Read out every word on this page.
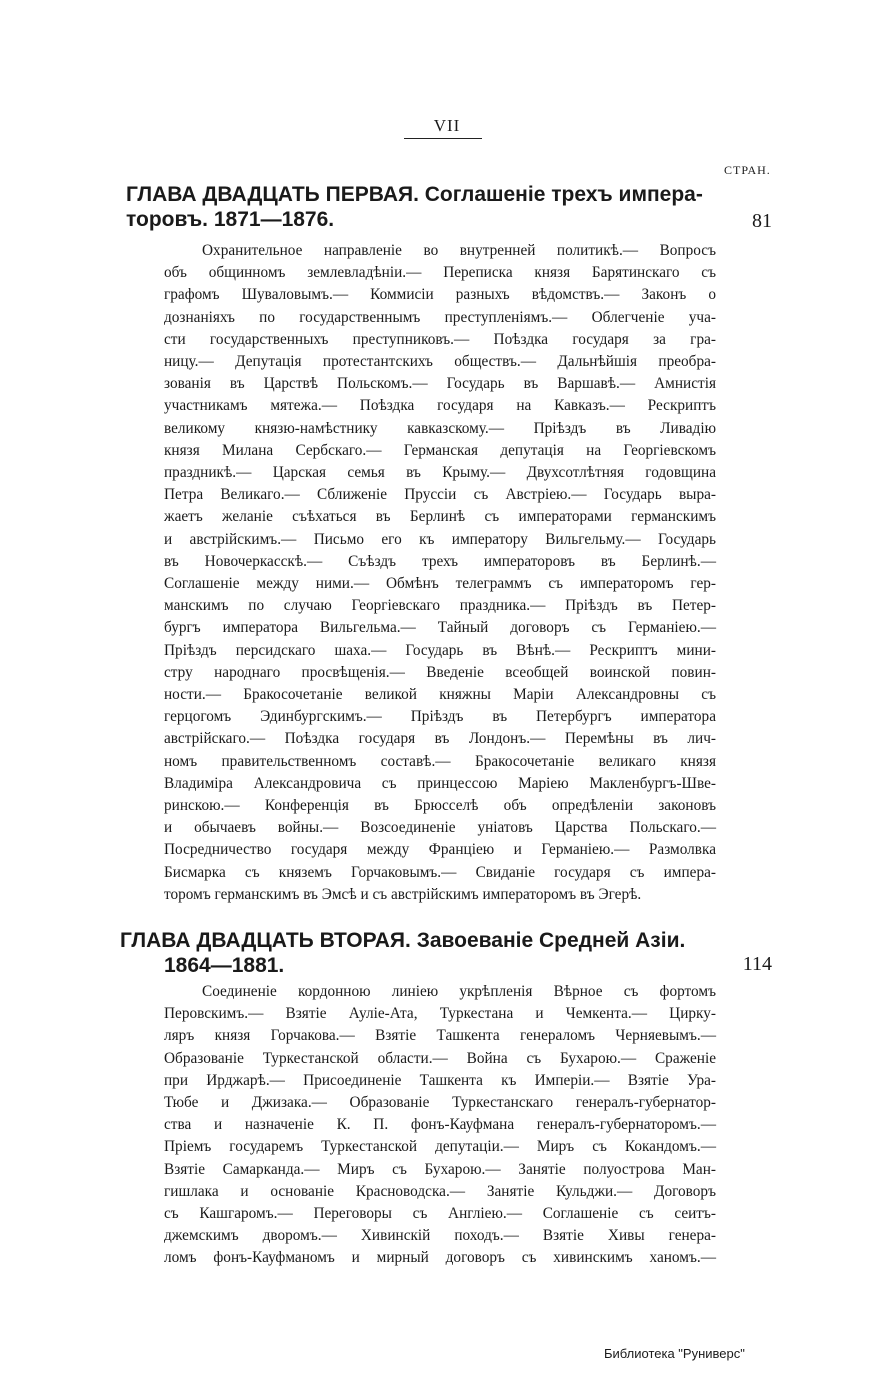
VII
СТРАН.
ГЛАВА ДВАДЦАТЬ ПЕРВАЯ. Соглашеніе трехъ импера-
торовъ. 1871—1876.	81
Охранительное направленіе во внутренней политикѣ.— Вопросъ
объ общинномъ землевладѣніи.— Переписка князя Барятинскаго съ
графомъ Шуваловымъ.— Коммисіи разныхъ вѣдомствъ.— Законъ о
дознаніяхъ по государственнымъ преступленіямъ.— Облегченіе уча-
сти государственныхъ преступниковъ.— Поѣздка государя за гра-
ницу.— Депутація протестантскихъ обществъ.— Дальнѣйшія преобра-
зованія въ Царствѣ Польскомъ.— Государь въ Варшавѣ.— Амнистія
участникамъ мятежа.— Поѣздка государя на Кавказъ.— Рескриптъ
великому князю-намѣстнику кавказскому.— Пріѣздъ въ Ливадію
князя Милана Сербскаго.— Германская депутація на Георгіевскомъ
праздникѣ.— Царская семья въ Крыму.— Двухсотлѣтняя годовщина
Петра Великаго.— Сближеніе Пруссіи съ Австріею.— Государь выра-
жаетъ желаніе съѣхаться въ Берлинѣ съ императорами германскимъ
и австрійскимъ.— Письмо его къ императору Вильгельму.— Государь
въ Новочеркасскѣ.— Съѣздъ трехъ императоровъ въ Берлинѣ.—
Соглашеніе между ними.— Обмѣнъ телеграммъ съ императоромъ гер-
манскимъ по случаю Георгіевскаго праздника.— Пріѣздъ въ Петер-
бургъ императора Вильгельма.— Тайный договоръ съ Германіею.—
Пріѣздъ персидскаго шаха.— Государь въ Вѣнѣ.— Рескриптъ мини-
стру народнаго просвѣщенія.— Введеніе всеобщей воинской повин-
ности.— Бракосочетаніе великой княжны Маріи Александровны съ
герцогомъ Эдинбургскимъ.— Пріѣздъ въ Петербургъ императора
австрійскаго.— Поѣздка государя въ Лондонъ.— Перемѣны въ лич-
номъ правительственномъ составѣ.— Бракосочетаніе великаго князя
Владиміра Александровича съ принцессою Маріею Макленбургъ-Шве-
ринскою.— Конференція въ Брюсселѣ объ опредѣленіи законовъ
и обычаевъ войны.— Возсоединеніе уніатовъ Царства Польскаго.—
Посредничество государя между Франціею и Германіею.— Размолвка
Бисмарка съ княземъ Горчаковымъ.— Свиданіе государя съ импера-
торомъ германскимъ въ Эмсѣ и съ австрійскимъ императоромъ въ Эгерѣ.
ГЛАВА ДВАДЦАТЬ ВТОРАЯ. Завоеваніе Средней Азіи.
1864—1881.	114
Соединеніе кордонною линіею укрѣпленія Вѣрное съ фортомъ
Перовскимъ.— Взятіе Ауліе-Ата, Туркестана и Чемкента.— Цирку-
ляръ князя Горчакова.— Взятіе Ташкента генераломъ Черняевымъ.—
Образованіе Туркестанской области.— Война съ Бухарою.— Сраженіе
при Ирджарѣ.— Присоединеніе Ташкента къ Имперіи.— Взятіе Ура-
Тюбе и Джизака.— Образованіе Туркестанскаго генералъ-губернатор-
ства и назначеніе К. П. фонъ-Кауфмана генералъ-губернаторомъ.—
Пріемъ государемъ Туркестанской депутаціи.— Миръ съ Кокандомъ.—
Взятіе Самарканда.— Миръ съ Бухарою.— Занятіе полуострова Ман-
гишлака и основаніе Красноводска.— Занятіе Кульджи.— Договоръ
съ Кашгаромъ.— Переговоры съ Англіею.— Соглашеніе съ сеитъ-
джемскимъ дворомъ.— Хивинскій походъ.— Взятіе Хивы генера-
ломъ фонъ-Кауфманомъ и мирный договоръ съ хивинскимъ ханомъ.—
Библиотека "Руниверс"
